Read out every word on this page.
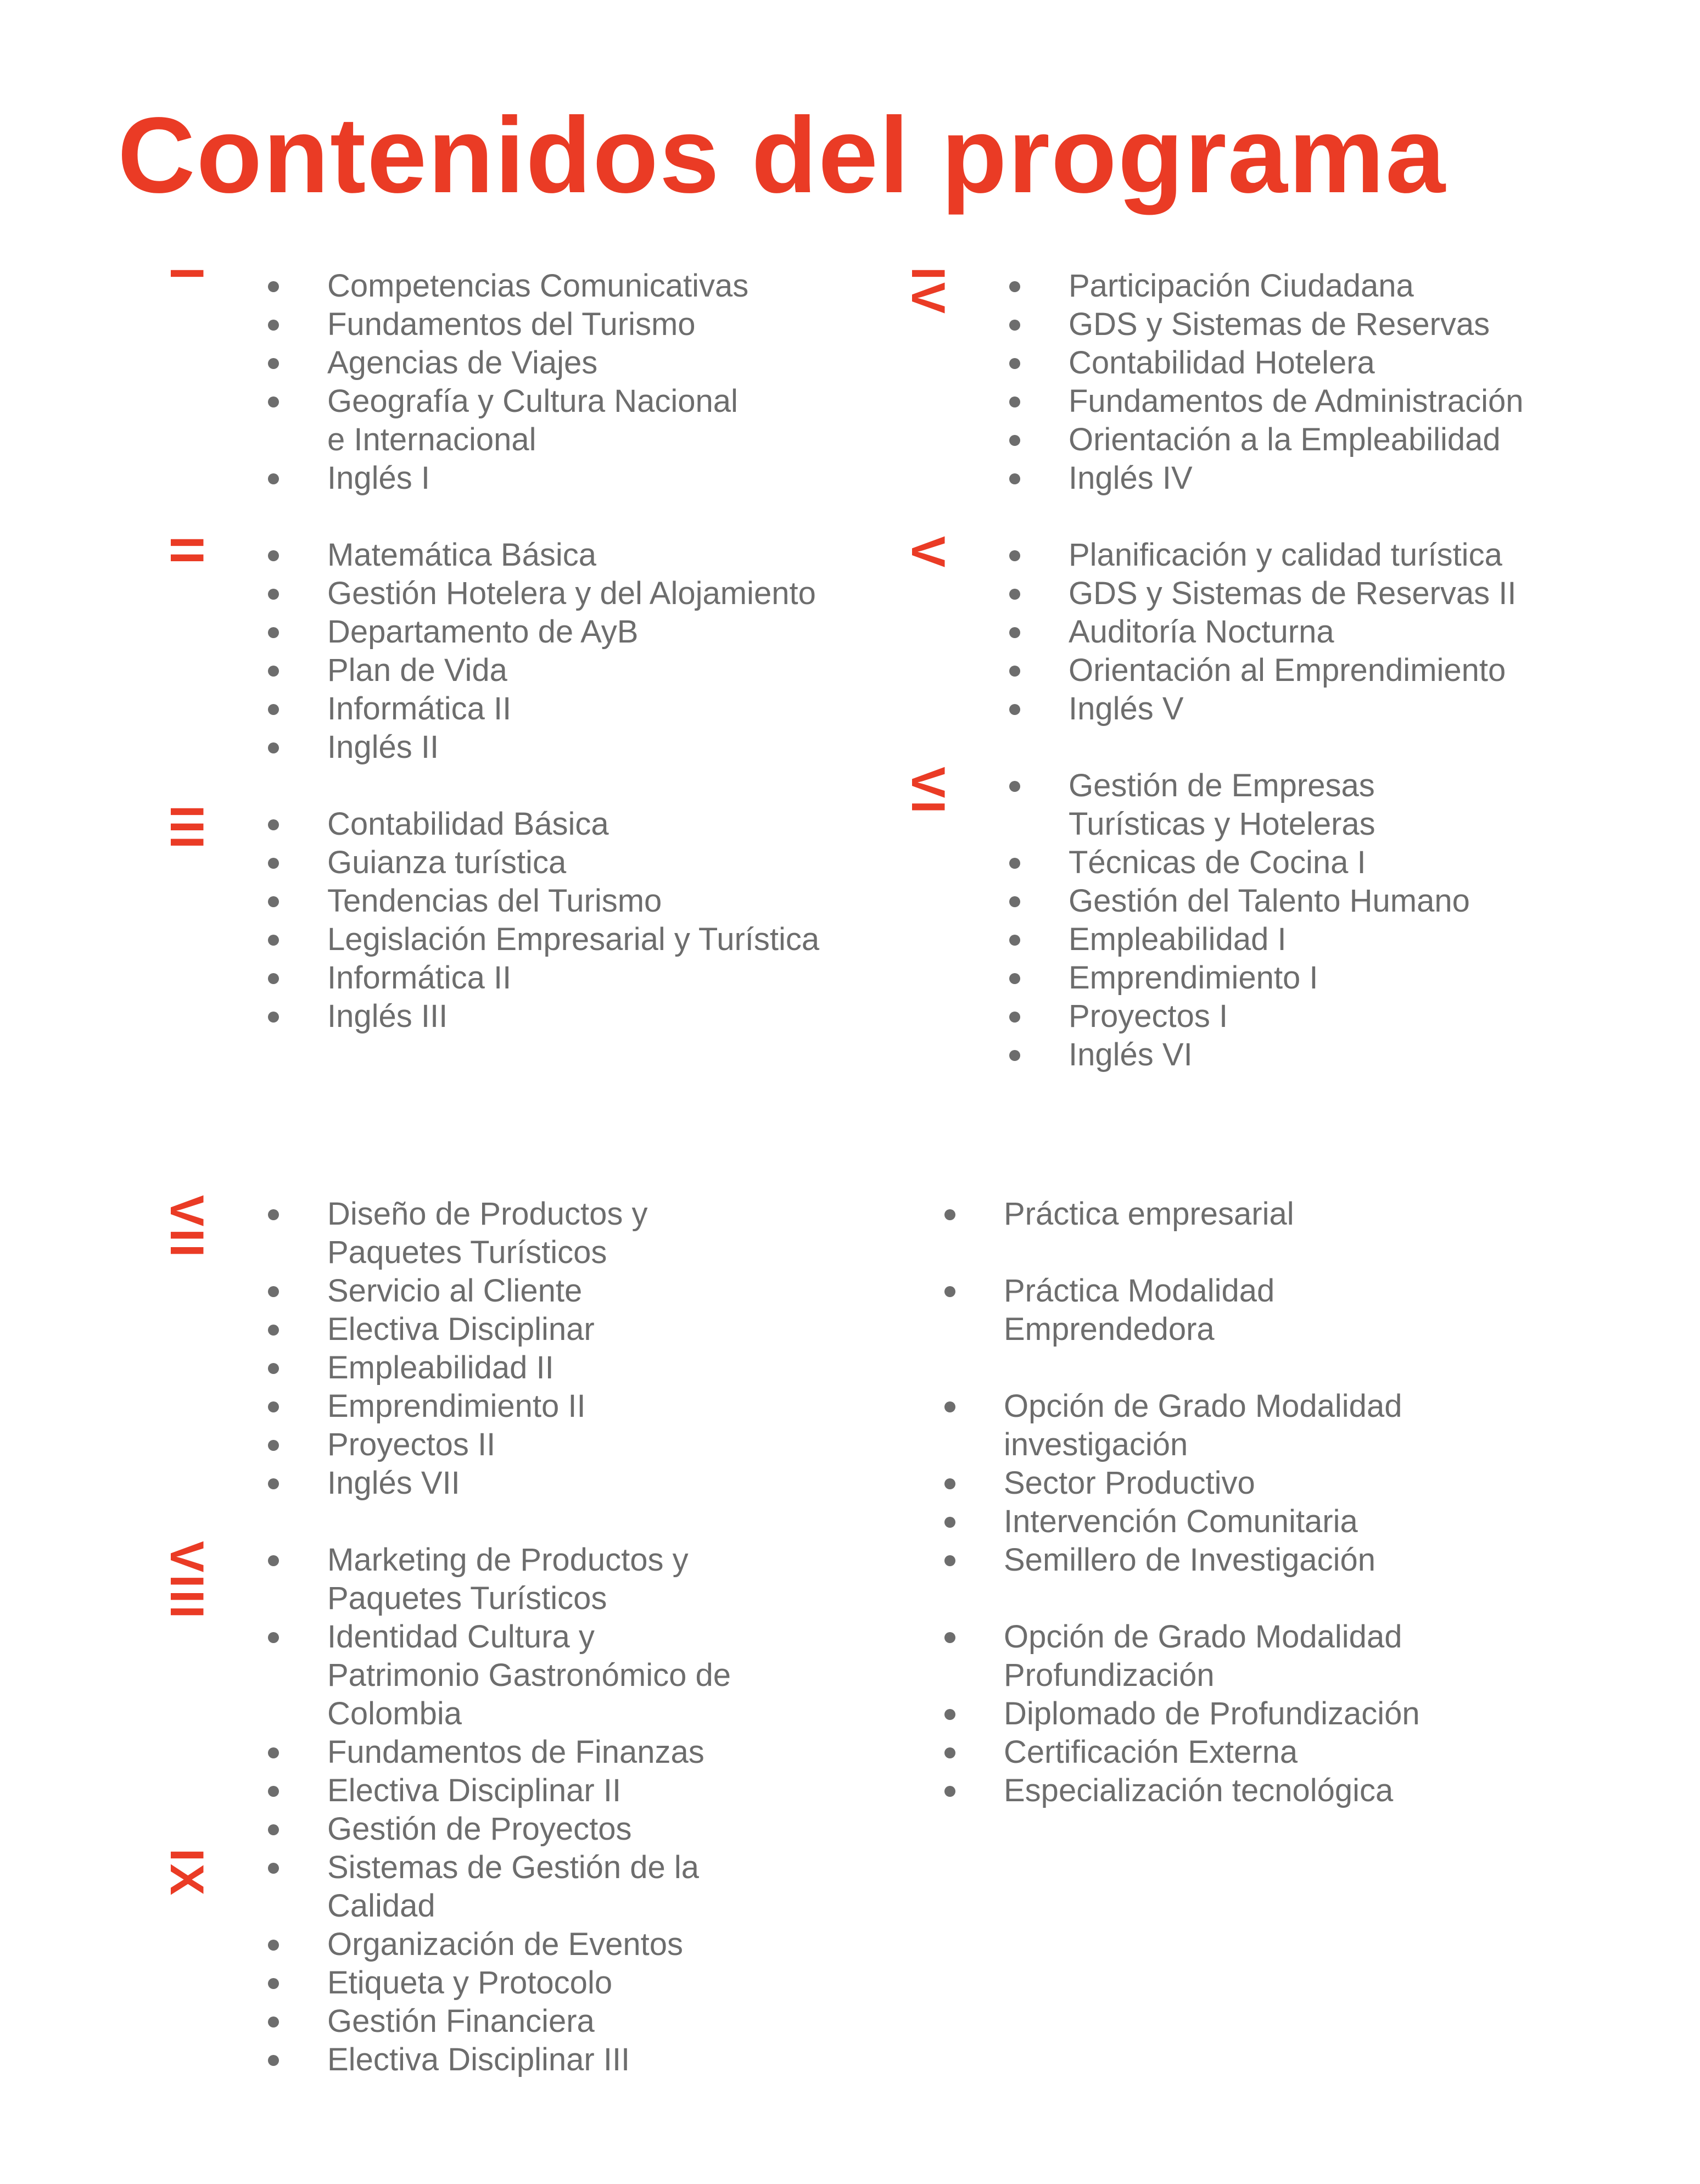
Contenidos del programa
I	Competencias Comunicativas
Fundamentos del Turismo
Agencias de Viajes
Geografía y Cultura Nacional e Internacional
Inglés I
II	Matemática Básica
Gestión Hotelera y del Alojamiento
Departamento de AyB
Plan de Vida
Informática II
Inglés II
III	Contabilidad Básica
Guianza turística
Tendencias del Turismo
Legislación Empresarial y Turística
Informática II
Inglés III
IV	Participación Ciudadana
GDS y Sistemas de Reservas
Contabilidad Hotelera
Fundamentos de Administración
Orientación a la Empleabilidad
Inglés IV
V	Planificación y calidad turística
GDS y Sistemas de Reservas II
Auditoría Nocturna
Orientación al Emprendimiento
Inglés V
VI	Gestión de Empresas Turísticas y Hoteleras
Técnicas de Cocina I
Gestión del Talento Humano
Empleabilidad I
Emprendimiento I
Proyectos I
Inglés VI
VII	Diseño de Productos y Paquetes Turísticos
Servicio al Cliente
Electiva Disciplinar
Empleabilidad II
Emprendimiento II
Proyectos II
Inglés VII
VIII	Marketing de Productos y Paquetes Turísticos
Identidad Cultura y Patrimonio Gastronómico de Colombia
Fundamentos de Finanzas
Electiva Disciplinar II
Gestión de Proyectos
IX	Sistemas de Gestión de la Calidad
Organización de Eventos
Etiqueta y Protocolo
Gestión Financiera
Electiva Disciplinar III
Práctica empresarial
Práctica Modalidad Emprendedora
Opción de Grado Modalidad investigación
Sector Productivo
Intervención Comunitaria
Semillero de Investigación
Opción de Grado Modalidad Profundización
Diplomado de Profundización
Certificación Externa
Especialización tecnológica
